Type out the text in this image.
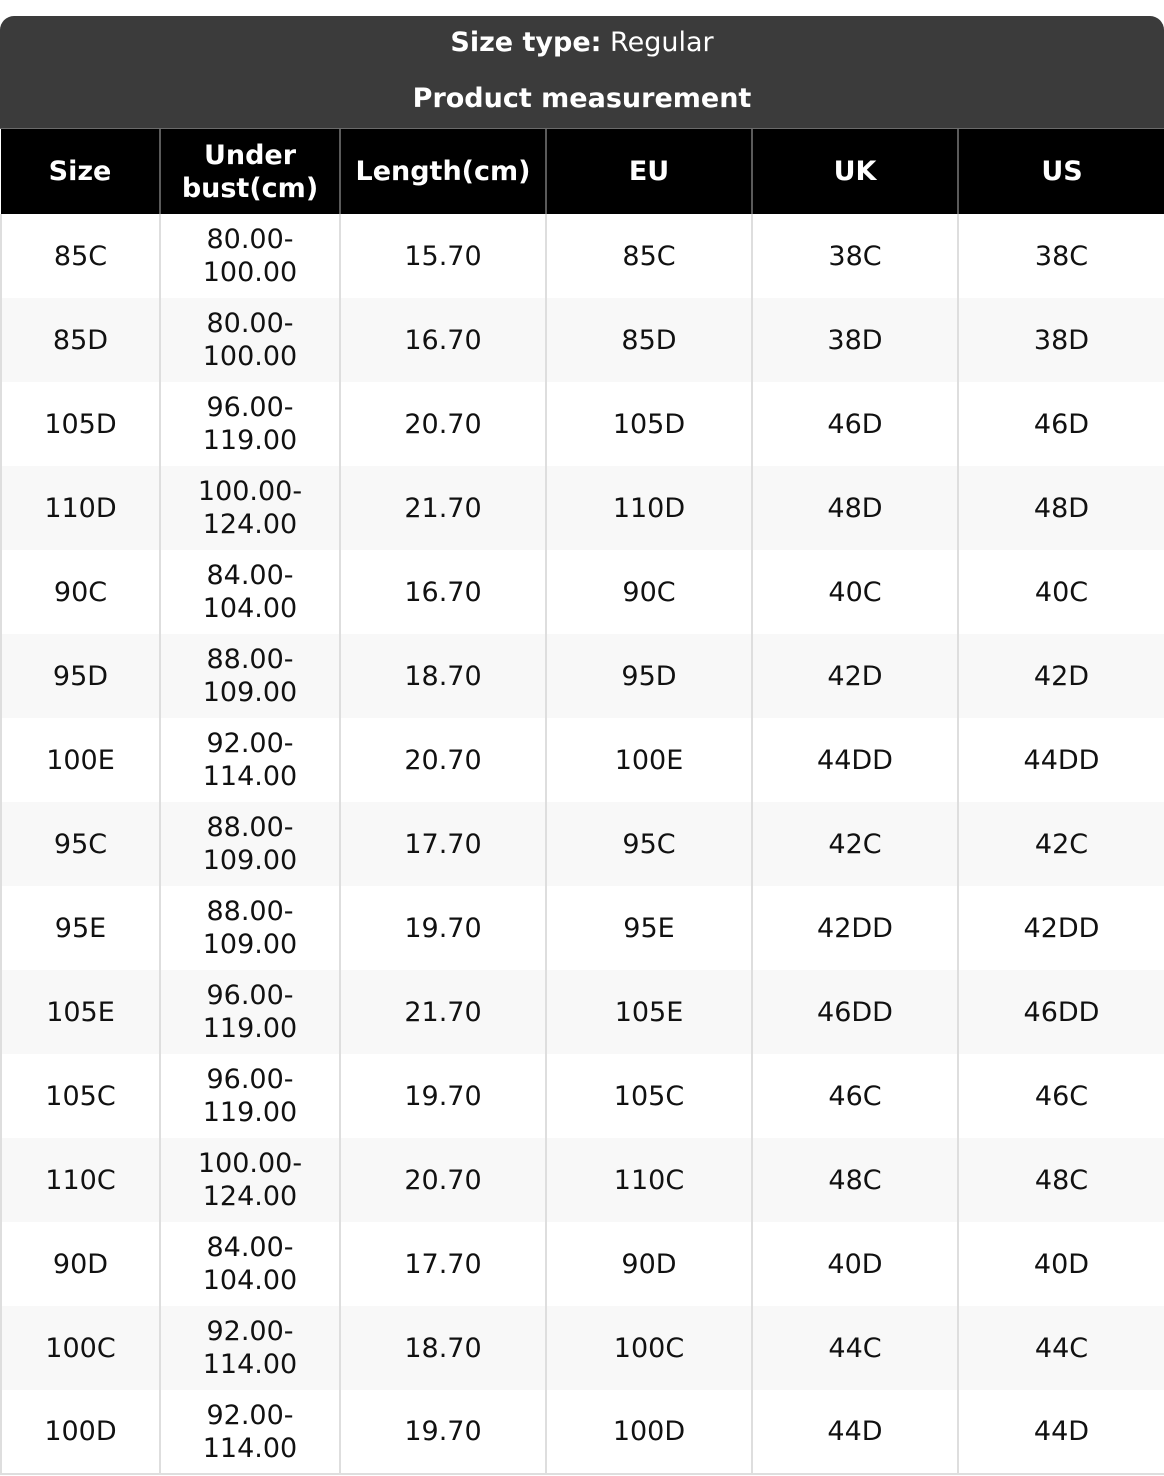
Size type: Regular
Product measurement
Size	Under bust(cm)	Length(cm)	EU	UK	US
85C	80.00-100.00	15.70	85C	38C	38C
85D	80.00-100.00	16.70	85D	38D	38D
105D	96.00-119.00	20.70	105D	46D	46D
110D	100.00-124.00	21.70	110D	48D	48D
90C	84.00-104.00	16.70	90C	40C	40C
95D	88.00-109.00	18.70	95D	42D	42D
100E	92.00-114.00	20.70	100E	44DD	44DD
95C	88.00-109.00	17.70	95C	42C	42C
95E	88.00-109.00	19.70	95E	42DD	42DD
105E	96.00-119.00	21.70	105E	46DD	46DD
105C	96.00-119.00	19.70	105C	46C	46C
110C	100.00-124.00	20.70	110C	48C	48C
90D	84.00-104.00	17.70	90D	40D	40D
100C	92.00-114.00	18.70	100C	44C	44C
100D	92.00-114.00	19.70	100D	44D	44D
